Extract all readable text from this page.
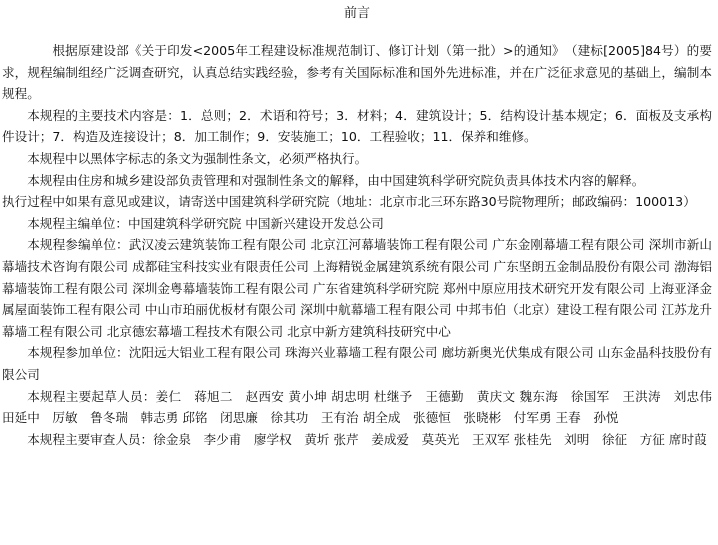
前言

根据原建设部《关于印发<2005年工程建设标准规范制订、修订计划（第一批）>的通知》　（建标[2005]84号）的要求，规程编制组经广泛调查研究，认真总结实践经验，参考有关国际标准和国外先进标准，并在广泛征求意见的基础上，编制本规程。

本规程的主要技术内容是：1．总则；2．术语和符号；3．材料；4．建筑设计；5．结构设计基本规定；6．面板及支承构件设计；7．构造及连接设计；8．加工制作；9．安装施工；10．工程验收；11．保养和维修。

本规程中以黑体字标志的条文为强制性条文，必须严格执行。

本规程由住房和城乡建设部负责管理和对强制性条文的解释，由中国建筑科学研究院负责具体技术内容的解释。

执行过程中如果有意见或建议，请寄送中国建筑科学研究院（地址：北京市北三环东路30号院物理所；邮政编码：100013）

本规程主编单位：中国建筑科学研究院 中国新兴建设开发总公司

本规程参编单位：武汉凌云建筑装饰工程有限公司 北京江河幕墙装饰工程有限公司 广东金刚幕墙工程有限公司 深圳市新山幕墙技术咨询有限公司 成都硅宝科技实业有限责任公司 上海精锐金属建筑系统有限公司 广东坚朗五金制品股份有限公司 渤海铝幕墙装饰工程有限公司 深圳金粤幕墙装饰工程有限公司 广东省建筑科学研究院 郑州中原应用技术研究开发有限公司 上海亚泽金属屋面装饰工程有限公司 中山市珀丽优板材有限公司 深圳中航幕墙工程有限公司 中邦韦伯（北京）建设工程有限公司 江苏龙升幕墙工程有限公司 北京德宏幕墙工程技术有限公司 北京中新方建筑科技研究中心

本规程参加单位：沈阳远大铝业工程有限公司 珠海兴业幕墙工程有限公司 廊坊新奥光伏集成有限公司 山东金晶科技股份有限公司

本规程主要起草人员：姜仁　蒋旭二　赵西安 黄小坤 胡忠明 杜继予　王德勤　黄庆文 魏东海　徐国军　王洪涛　刘忠伟 田延中　厉敏　鲁冬瑞　韩志勇 邱铭　闭思廉　徐其功　王有治 胡全成　张德恒　张晓彬　付军勇 王春　孙悦

本规程主要审查人员：徐金泉　李少甫　廖学权　黄圻 张芹　姜成爱　莫英光　王双军 张桂先　刘明　徐征　方征 席时葭
